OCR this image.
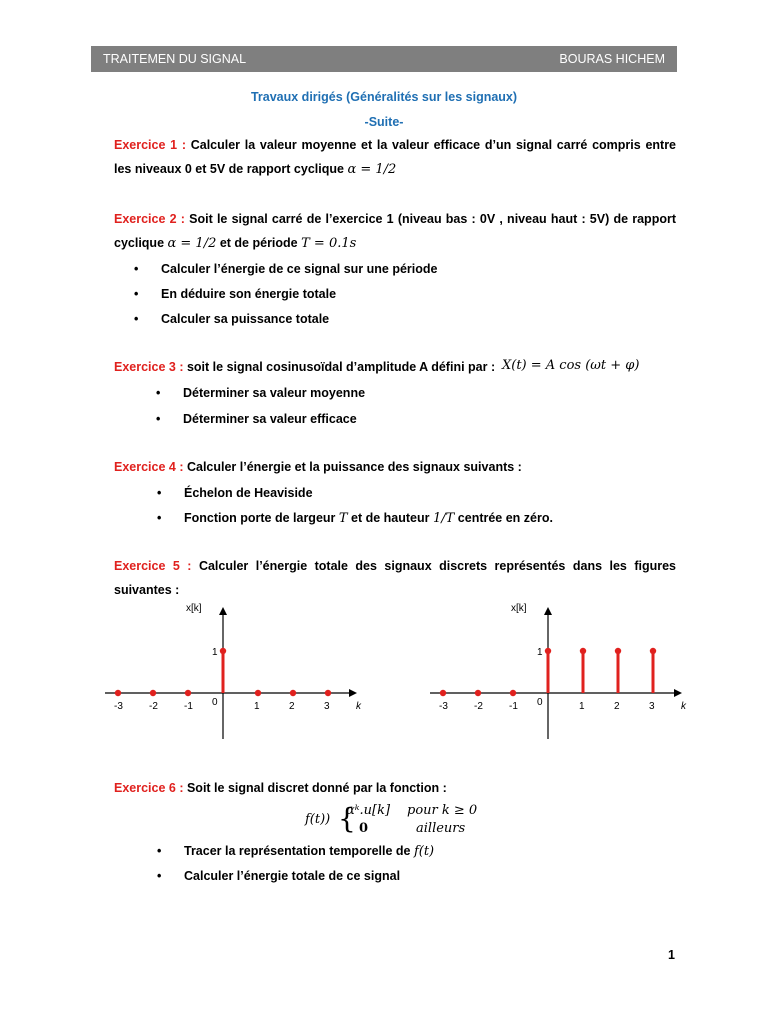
TRAITEMEN DU SIGNAL	BOURAS HICHEM
Travaux dirigés (Généralités sur les signaux)
-Suite-
Exercice 1 : Calculer la valeur moyenne et la valeur efficace d’un signal carré compris entre les niveaux 0 et 5V de rapport cyclique α = 1/2
Exercice 2 : Soit le signal carré de l’exercice 1 (niveau bas : 0V , niveau haut : 5V) de rapport cyclique α = 1/2 et de période T = 0.1s
• Calculer l’énergie de ce signal sur une période
• En déduire son énergie totale
• Calculer sa puissance totale
Exercice 3 : soit le signal cosinusoïdal d’amplitude A défini par : X(t) = A cos (ωt + φ)
• Déterminer sa valeur moyenne
• Déterminer sa valeur efficace
Exercice 4 : Calculer l’énergie et la puissance des signaux suivants :
• Échelon de Heaviside
• Fonction porte de largeur T et de hauteur 1/T centrée en zéro.
Exercice 5 : Calculer l’énergie totale des signaux discrets représentés dans les figures suivantes :
x[k]
k
1
-3	-2	-1 0	1	2	3
x[k]
k
1
-3	-2	-1 0	1	2	3
Exercice 6 : Soit le signal discret donné par la fonction :
f(t)) {
αᵏ.u[k] pour k ≥ 0
0	ailleurs
• Tracer la représentation temporelle de f(t)
• Calculer l’énergie totale de ce signal
1
